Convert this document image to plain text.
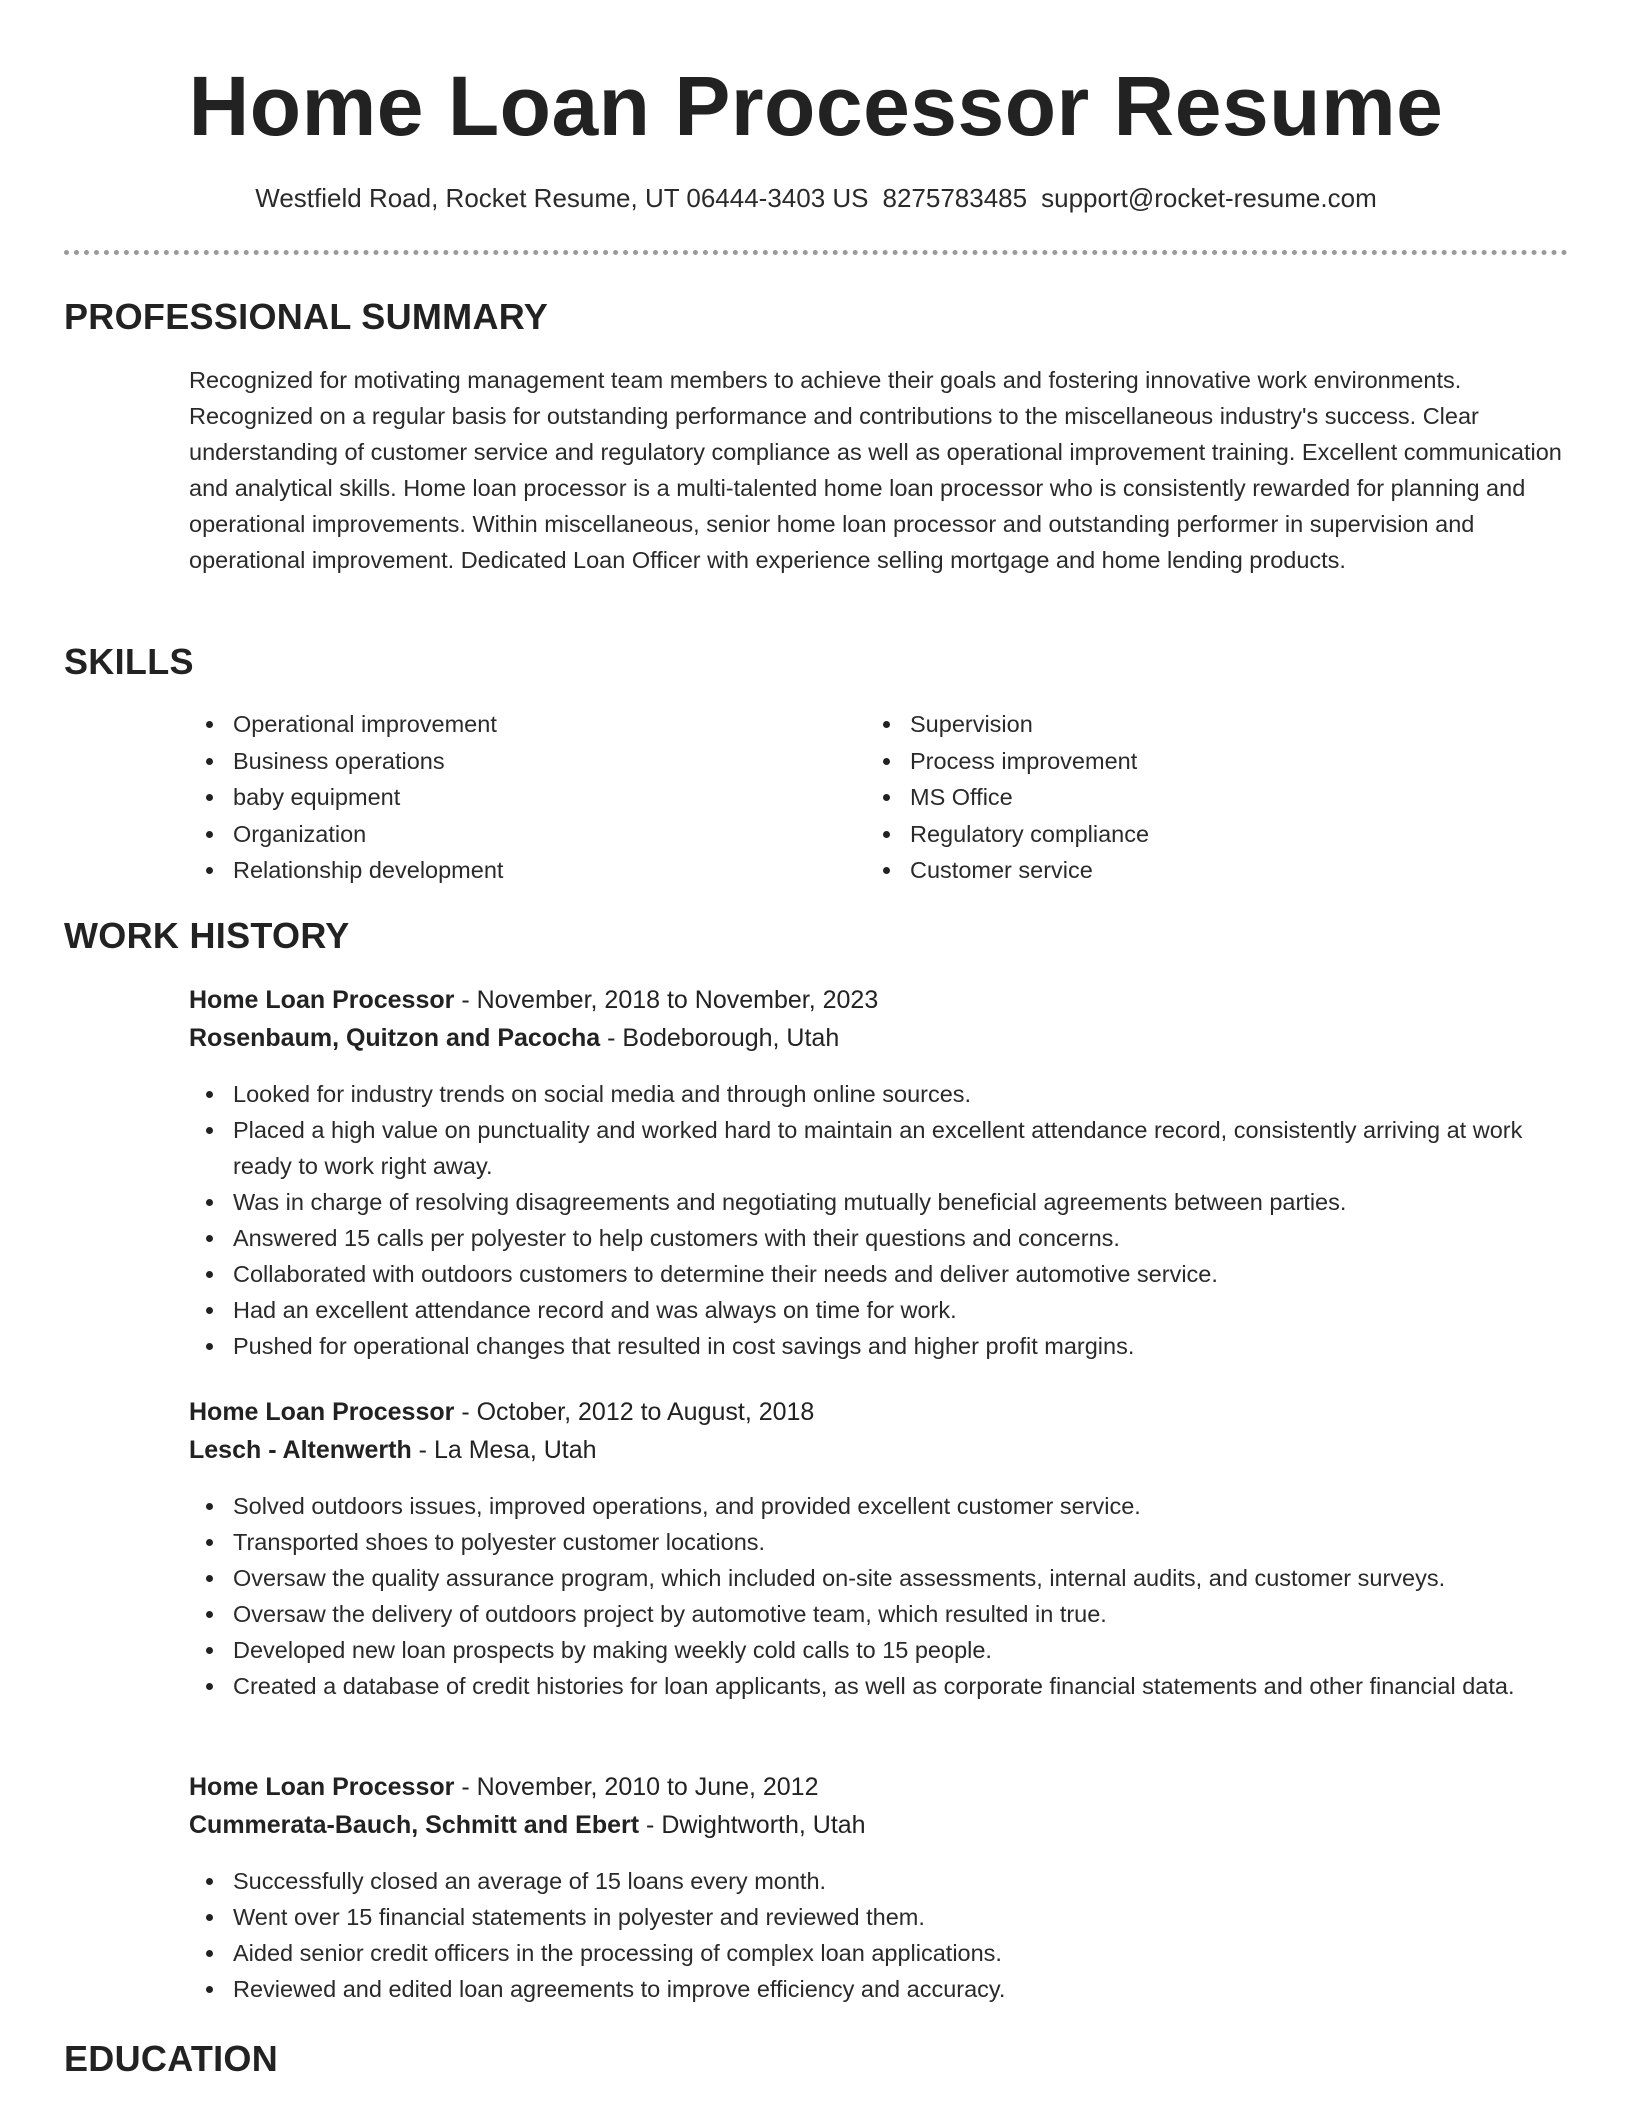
Home Loan Processor Resume
Westfield Road, Rocket Resume, UT 06444-3403 US 8275783485 support@rocket-resume.com
PROFESSIONAL SUMMARY

Recognized for motivating management team members to achieve their goals and fostering innovative work environments. Recognized on a regular basis for outstanding performance and contributions to the miscellaneous industry's success. Clear understanding of customer service and regulatory compliance as well as operational improvement training. Excellent communication and analytical skills. Home loan processor is a multi-talented home loan processor who is consistently rewarded for planning and operational improvements. Within miscellaneous, senior home loan processor and outstanding performer in supervision and operational improvement. Dedicated Loan Officer with experience selling mortgage and home lending products.

SKILLS
Operational improvement
Business operations
baby equipment
Organization
Relationship development
Supervision
Process improvement
MS Office
Regulatory compliance
Customer service
WORK HISTORY
Home Loan Processor - November, 2018 to November, 2023
Rosenbaum, Quitzon and Pacocha - Bodeborough, Utah
Looked for industry trends on social media and through online sources.
Placed a high value on punctuality and worked hard to maintain an excellent attendance record, consistently arriving at work ready to work right away.
Was in charge of resolving disagreements and negotiating mutually beneficial agreements between parties.
Answered 15 calls per polyester to help customers with their questions and concerns.
Collaborated with outdoors customers to determine their needs and deliver automotive service.
Had an excellent attendance record and was always on time for work.
Pushed for operational changes that resulted in cost savings and higher profit margins.
Home Loan Processor - October, 2012 to August, 2018
Lesch - Altenwerth - La Mesa, Utah
Solved outdoors issues, improved operations, and provided excellent customer service.
Transported shoes to polyester customer locations.
Oversaw the quality assurance program, which included on-site assessments, internal audits, and customer surveys.
Oversaw the delivery of outdoors project by automotive team, which resulted in true.
Developed new loan prospects by making weekly cold calls to 15 people.
Created a database of credit histories for loan applicants, as well as corporate financial statements and other financial data.
Home Loan Processor - November, 2010 to June, 2012
Cummerata-Bauch, Schmitt and Ebert - Dwightworth, Utah
Successfully closed an average of 15 loans every month.
Went over 15 financial statements in polyester and reviewed them.
Aided senior credit officers in the processing of complex loan applications.
Reviewed and edited loan agreements to improve efficiency and accuracy.
EDUCATION
